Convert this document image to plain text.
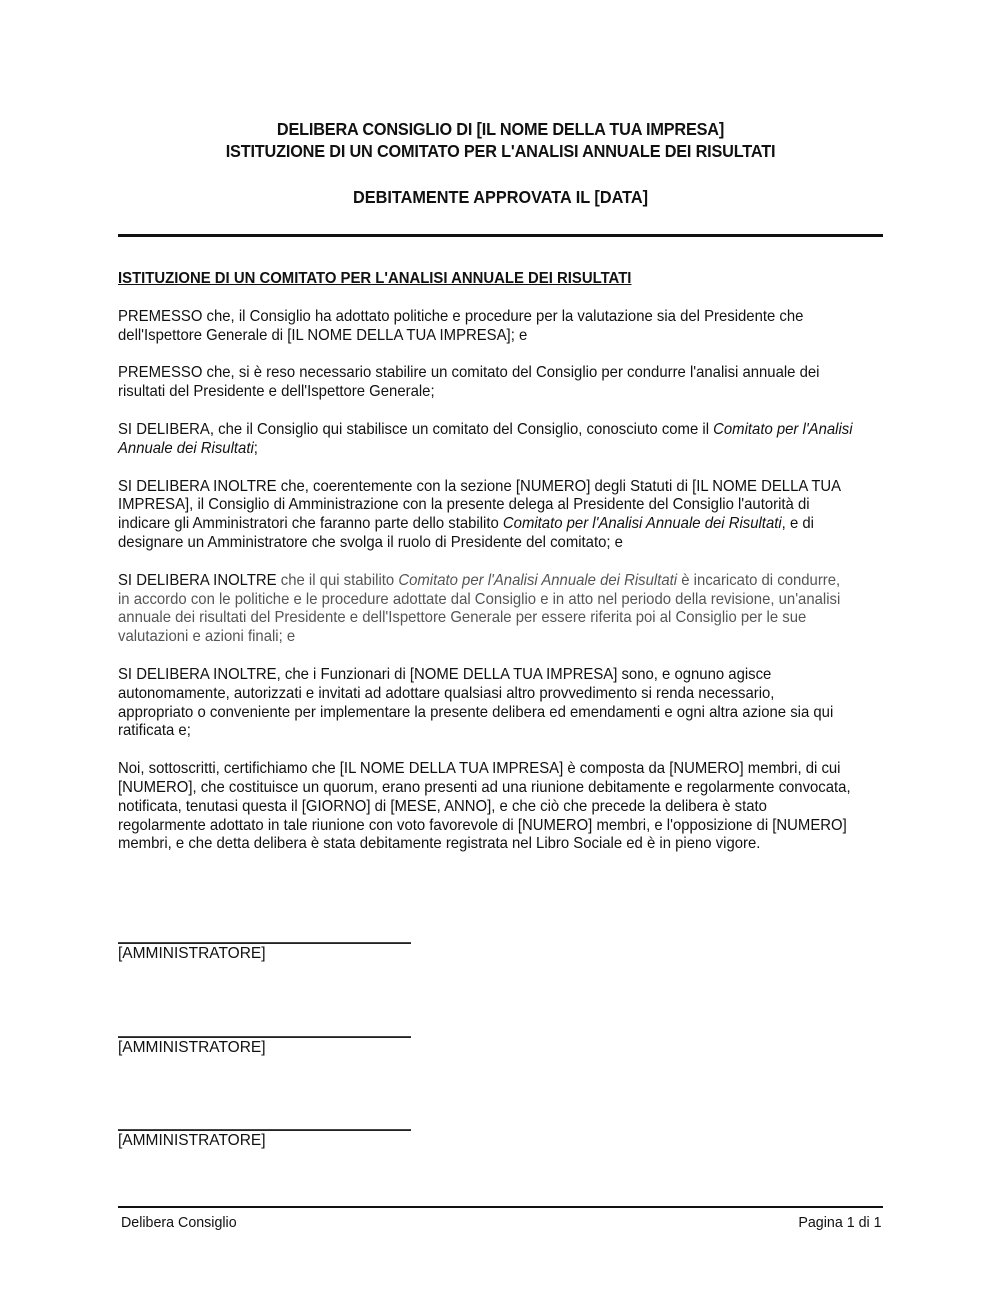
DELIBERA CONSIGLIO DI [IL NOME DELLA TUA IMPRESA]
ISTITUZIONE DI UN COMITATO PER L'ANALISI ANNUALE DEI RISULTATI
DEBITAMENTE APPROVATA IL [DATA]

ISTITUZIONE DI UN COMITATO PER L'ANALISI ANNUALE DEI RISULTATI

PREMESSO che, il Consiglio ha adottato politiche e procedure per la valutazione sia del Presidente che dell'Ispettore Generale di [IL NOME DELLA TUA IMPRESA]; e

PREMESSO che, si è reso necessario stabilire un comitato del Consiglio per condurre l'analisi annuale dei risultati del Presidente e dell'Ispettore Generale;

SI DELIBERA, che il Consiglio qui stabilisce un comitato del Consiglio, conosciuto come il Comitato per l'Analisi Annuale dei Risultati;

SI DELIBERA INOLTRE che, coerentemente con la sezione [NUMERO] degli Statuti di [IL NOME DELLA TUA IMPRESA], il Consiglio di Amministrazione con la presente delega al Presidente del Consiglio l'autorità di indicare gli Amministratori che faranno parte dello stabilito Comitato per l'Analisi Annuale dei Risultati, e di designare un Amministratore che svolga il ruolo di Presidente del comitato; e

SI DELIBERA INOLTRE che il qui stabilito Comitato per l'Analisi Annuale dei Risultati è incaricato di condurre, in accordo con le politiche e le procedure adottate dal Consiglio e in atto nel periodo della revisione, un'analisi annuale dei risultati del Presidente e dell'Ispettore Generale per essere riferita poi al Consiglio per le sue valutazioni e azioni finali; e

SI DELIBERA INOLTRE, che i Funzionari di [NOME DELLA TUA IMPRESA] sono, e ognuno agisce autonomamente, autorizzati e invitati ad adottare qualsiasi altro provvedimento si renda necessario, appropriato o conveniente per implementare la presente delibera ed emendamenti e ogni altra azione sia qui ratificata e;

Noi, sottoscritti, certifichiamo che [IL NOME DELLA TUA IMPRESA] è composta da [NUMERO] membri, di cui [NUMERO], che costituisce un quorum, erano presenti ad una riunione debitamente e regolarmente convocata, notificata, tenutasi questa il [GIORNO] di [MESE, ANNO], e che ciò che precede la delibera è stato regolarmente adottato in tale riunione con voto favorevole di [NUMERO] membri, e l'opposizione di [NUMERO] membri, e che detta delibera è stata debitamente registrata nel Libro Sociale ed è in pieno vigore.

[AMMINISTRATORE]
[AMMINISTRATORE]
[AMMINISTRATORE]
Delibera Consiglio	Pagina 1 di 1
